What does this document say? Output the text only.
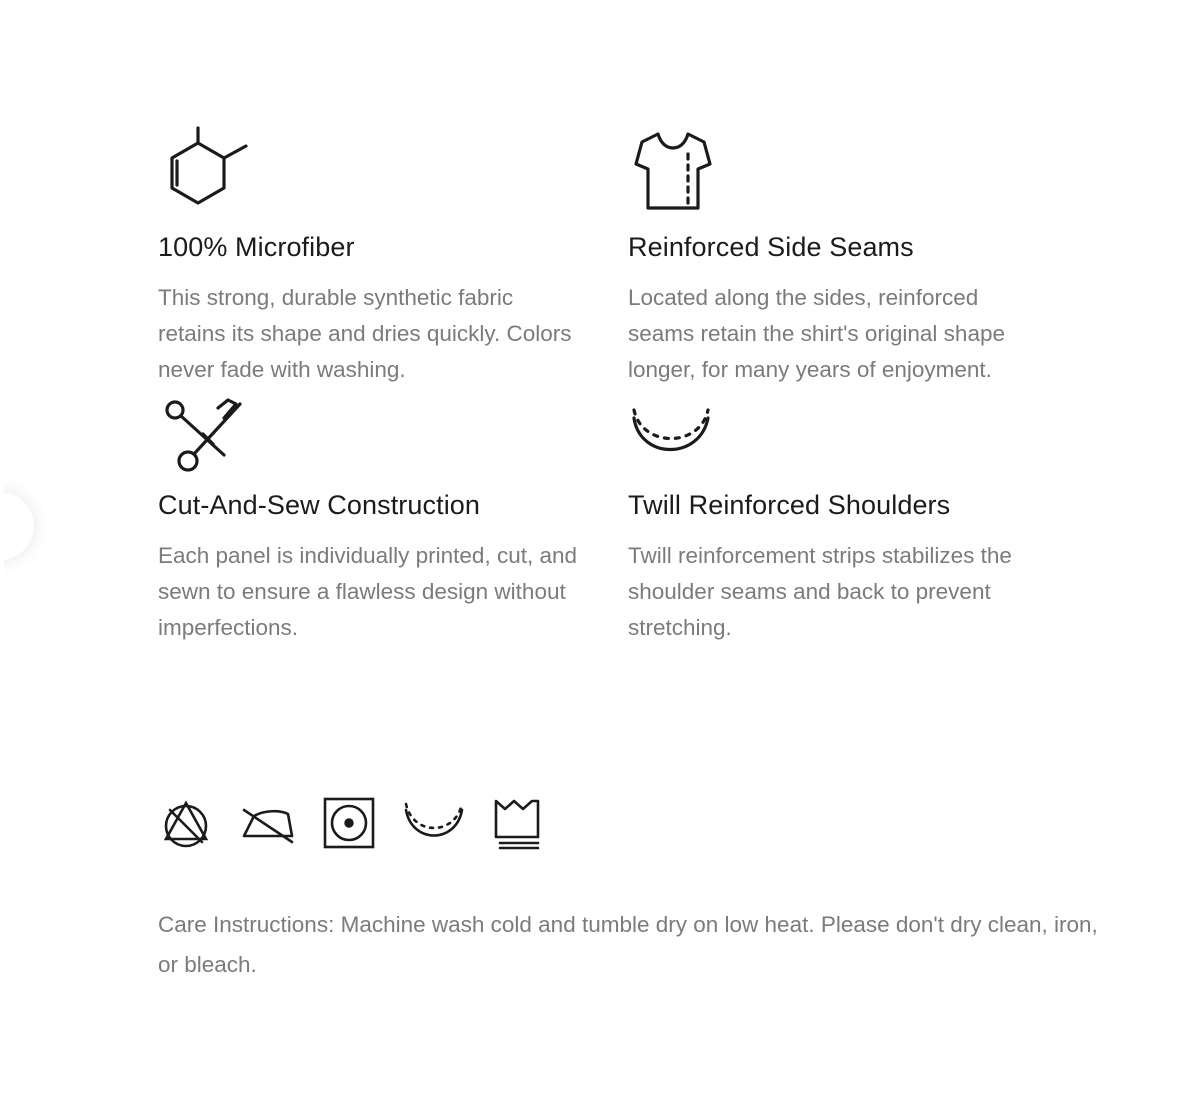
100% Microfiber
This strong, durable synthetic fabric retains its shape and dries quickly. Colors never fade with washing.
Reinforced Side Seams
Located along the sides, reinforced seams retain the shirt's original shape longer, for many years of enjoyment.
Cut-And-Sew Construction
Each panel is individually printed, cut, and sewn to ensure a flawless design without imperfections.
Twill Reinforced Shoulders
Twill reinforcement strips stabilizes the shoulder seams and back to prevent stretching.
Care Instructions: Machine wash cold and tumble dry on low heat. Please don't dry clean, iron, or bleach.
